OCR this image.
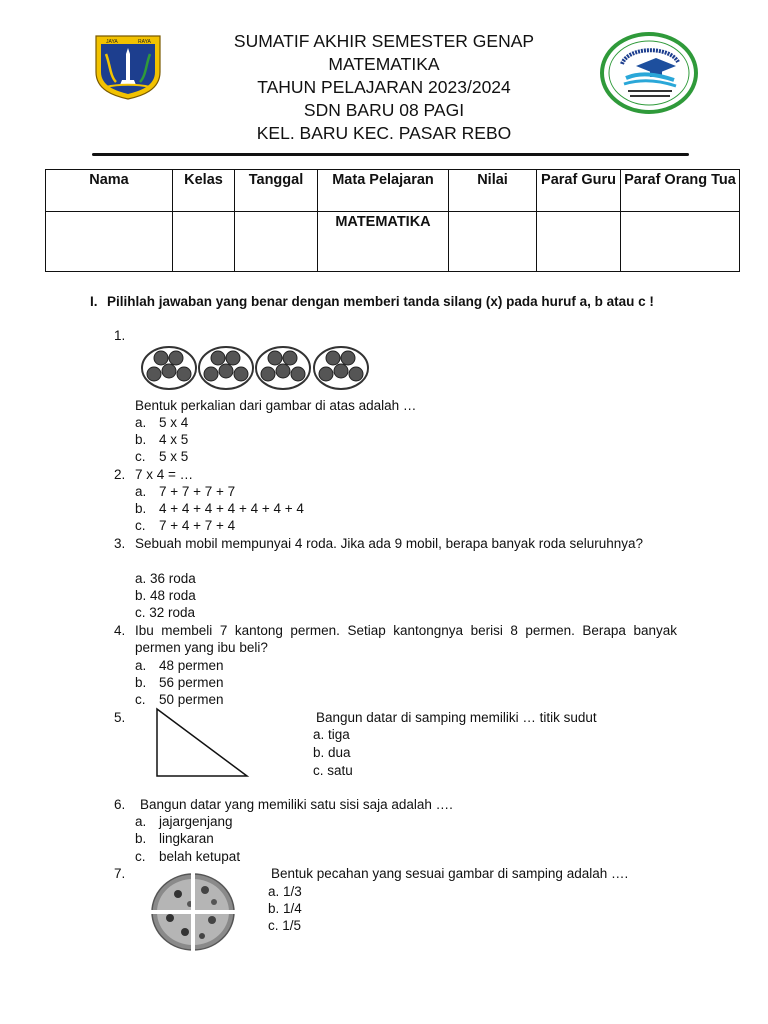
SUMATIF AKHIR SEMESTER GENAP
MATEMATIKA
TAHUN PELAJARAN 2023/2024
SDN BARU 08 PAGI
KEL. BARU KEC. PASAR REBO
JAYA	RAYA
Nama	Kelas	Tanggal	Mata Pelajaran	Nilai	Paraf Guru	Paraf Orang Tua
			MATEMATIKA			
I. Pilihlah jawaban yang benar dengan memberi tanda silang (x) pada huruf a, b atau c !
1.
Bentuk perkalian dari gambar di atas adalah …
a. 5 x 4
b. 4 x 5
c. 5 x 5
2. 7 x 4 = …
a. 7 + 7 + 7 + 7
b. 4 + 4 + 4 + 4 + 4 + 4 + 4
c. 7 + 4 + 7 + 4
3. Sebuah mobil mempunyai 4 roda. Jika ada 9 mobil, berapa banyak roda seluruhnya?
a. 36 roda
b. 48 roda
c. 32 roda
4. Ibu membeli 7 kantong permen. Setiap kantongnya berisi 8 permen. Berapa banyak permen yang ibu beli?
a. 48 permen
b. 56 permen
c. 50 permen
5.	Bangun datar di samping memiliki … titik sudut
a. tiga
b. dua
c. satu
6. Bangun datar yang memiliki satu sisi saja adalah ….
a. jajargenjang
b. lingkaran
c. belah ketupat
7.	Bentuk pecahan yang sesuai gambar di samping adalah ….
a. 1/3
b. 1/4
c. 1/5
